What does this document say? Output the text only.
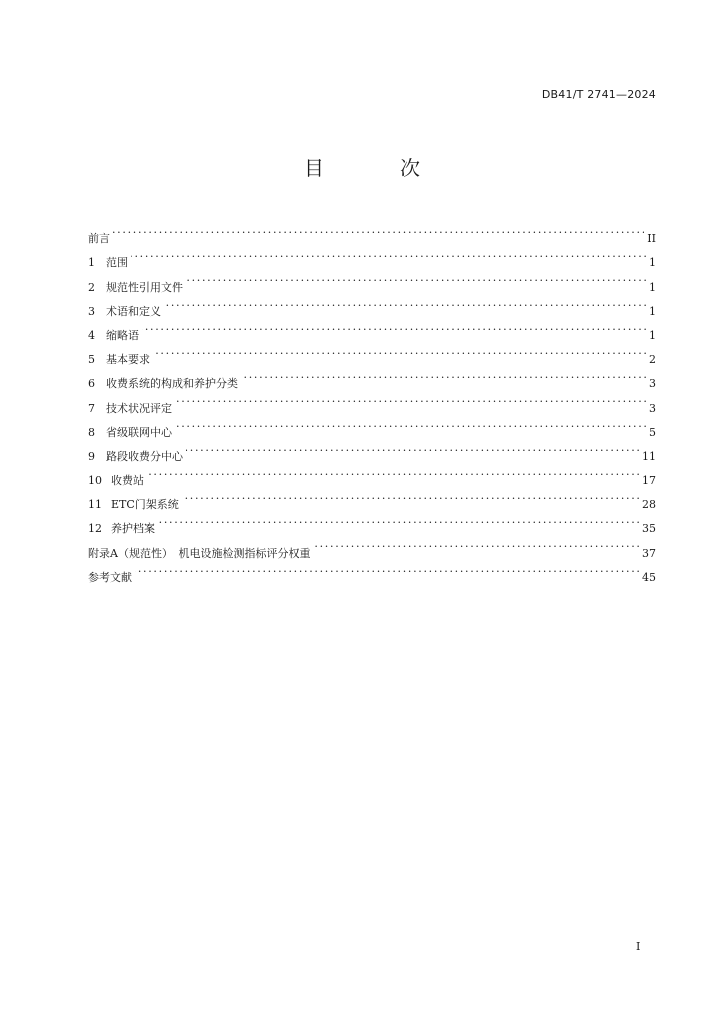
DB41/T 2741—2024
目　次
前言 . . .	II
1	范围 . . .	1
2	规范性引用文件 . . .	1
3	术语和定义 . . .	1
4	缩略语 . . .	1
5	基本要求 . . .	2
6	收费系统的构成和养护分类 . . .	3
7	技术状况评定 . . .	3
8	省级联网中心 . . .	5
9	路段收费分中心 . . .	11
10 收费站 . . .	17
11 ETC门架系统 . . .	28
12 养护档案 . . .	35
附录A（规范性）　机电设施检测指标评分权重 . . .	37
参考文献 . . .	45
I
